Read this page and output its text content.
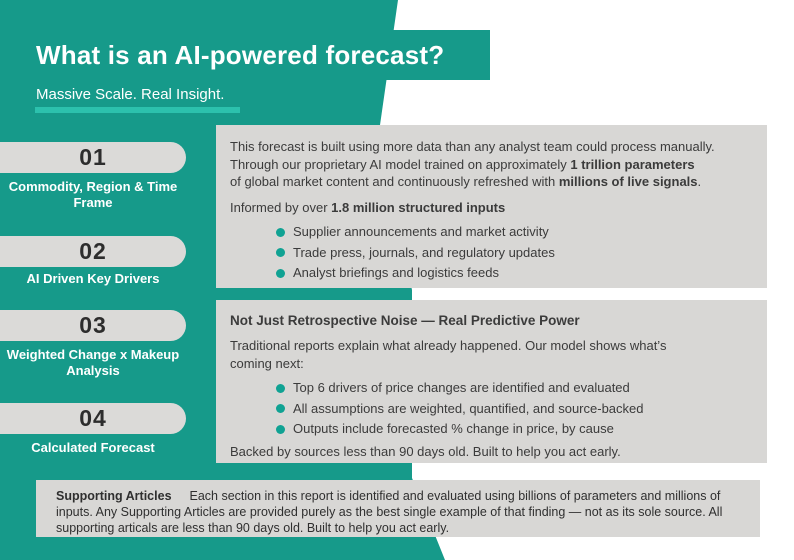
What is an AI-powered forecast?
Massive Scale. Real Insight.
01
Commodity, Region & Time Frame
02
AI Driven Key Drivers
03
Weighted Change x Makeup Analysis
04
Calculated Forecast

This forecast is built using more data than any analyst team could process manually.
Through our proprietary AI model trained on approximately 1 trillion parameters
of global market content and continuously refreshed with millions of live signals.

Informed by over 1.8 million structured inputs

Supplier announcements and market activity
Trade press, journals, and regulatory updates
Analyst briefings and logistics feeds

Not Just Retrospective Noise — Real Predictive Power

Traditional reports explain what already happened. Our model shows what’s
coming next:

Top 6 drivers of price changes are identified and evaluated
All assumptions are weighted, quantified, and source-backed
Outputs include forecasted % change in price, by cause

Backed by sources less than 90 days old. Built to help you act early.

Supporting Articles Each section in this report is identified and evaluated using billions of parameters and millions of inputs. Any Supporting Articles are provided purely as the best single example of that finding — not as its sole source. All supporting articals are less than 90 days old. Built to help you act early.
